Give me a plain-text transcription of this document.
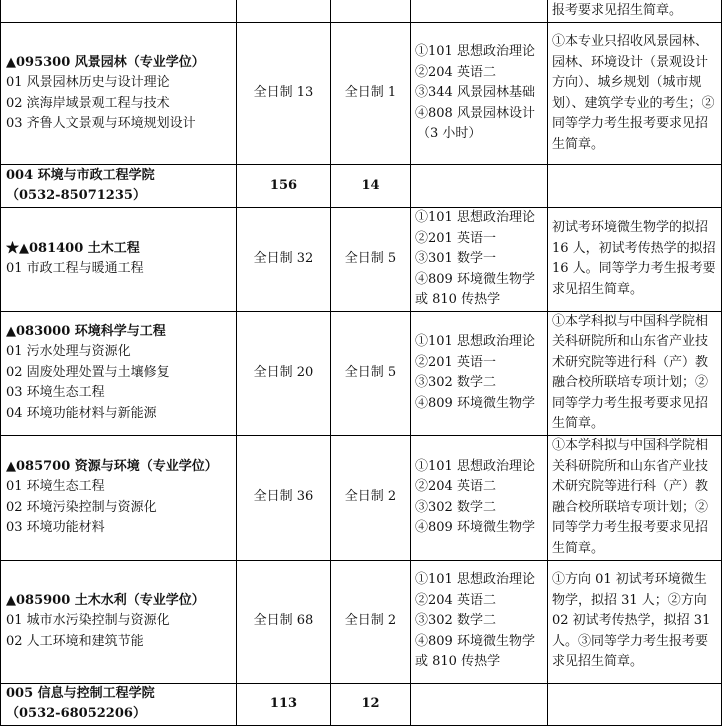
				报考要求见招生简章。

▲095300 风景园林（专业学位）
01 风景园林历史与设计理论
02 滨海岸域景观工程与技术
03 齐鲁人文景观与环境规划设计	全日制 13	全日制 1	①101 思想政治理论
②204 英语二
③344 风景园林基础
④808 风景园林设计
（3 小时）	①本专业只招收风景园林、园林、环境设计（景观设计方向）、城乡规划（城市规划）、建筑学专业的考生；②同等学力考生报考要求见招生简章。

004 环境与市政工程学院
（0532-85071235）	156	14		

★▲081400 土木工程
01 市政工程与暖通工程	全日制 32	全日制 5	①101 思想政治理论
②201 英语一
③301 数学一
④809 环境微生物学
或 810 传热学	初试考环境微生物学的拟招 16 人，初试考传热学的拟招 16 人。同等学力考生报考要求见招生简章。

▲083000 环境科学与工程
01 污水处理与资源化
02 固废处理处置与土壤修复
03 环境生态工程
04 环境功能材料与新能源	全日制 20	全日制 5	①101 思想政治理论
②201 英语一
③302 数学二
④809 环境微生物学	①本学科拟与中国科学院相关科研院所和山东省产业技术研究院等进行科（产）教融合校所联培专项计划；②同等学力考生报考要求见招生简章。

▲085700 资源与环境（专业学位）
01 环境生态工程
02 环境污染控制与资源化
03 环境功能材料	全日制 36	全日制 2	①101 思想政治理论
②204 英语二
③302 数学二
④809 环境微生物学	①本学科拟与中国科学院相关科研院所和山东省产业技术研究院等进行科（产）教融合校所联培专项计划；②同等学力考生报考要求见招生简章。

▲085900 土木水利（专业学位）
01 城市水污染控制与资源化
02 人工环境和建筑节能	全日制 68	全日制 2	①101 思想政治理论
②204 英语二
③302 数学二
④809 环境微生物学
或 810 传热学	①方向 01 初试考环境微生物学，拟招 31 人；②方向 02 初试考传热学，拟招 31 人。③同等学力考生报考要求见招生简章。

005 信息与控制工程学院
（0532-68052206）	113	12		
